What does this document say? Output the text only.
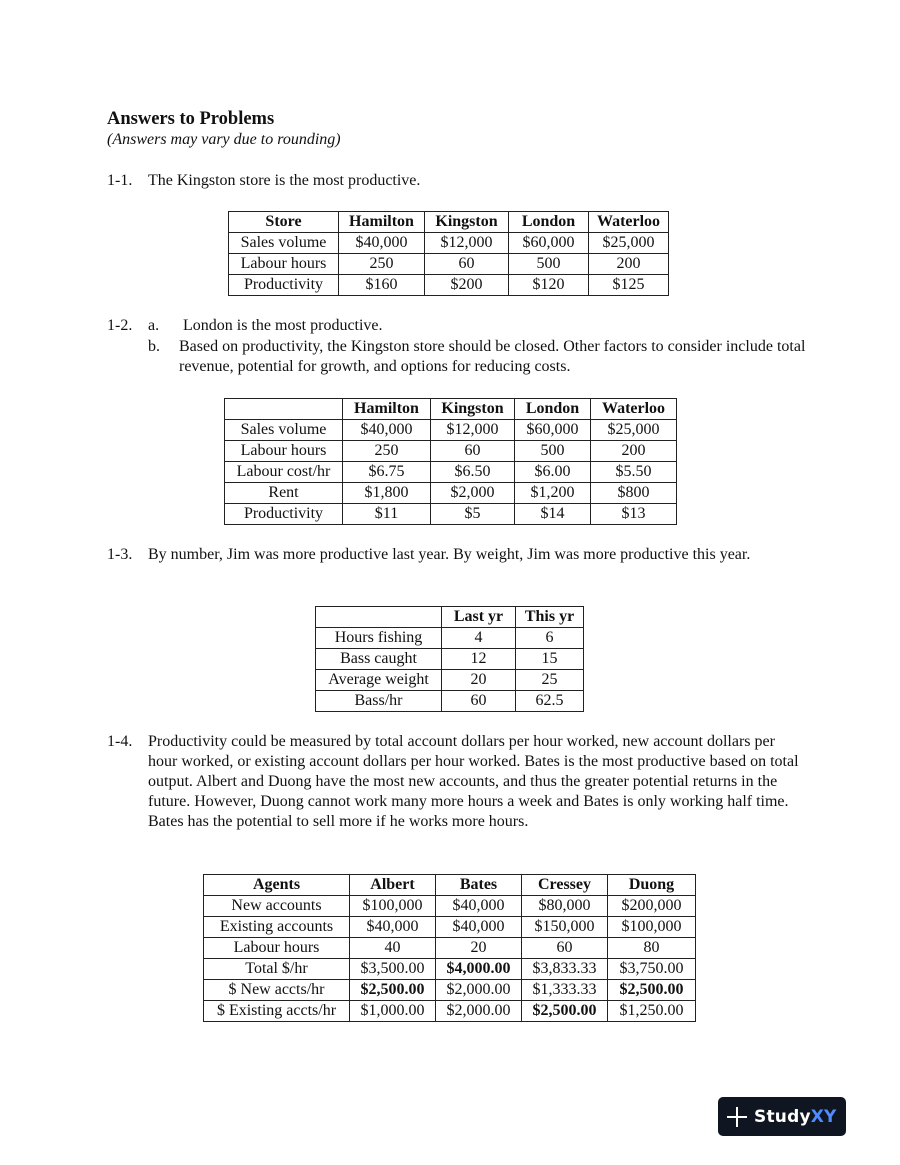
Answers to Problems
(Answers may vary due to rounding)
1-1. The Kingston store is the most productive.
Store	Hamilton	Kingston	London	Waterloo
Sales volume	$40,000	$12,000	$60,000	$25,000
Labour hours	250	60	500	200
Productivity	$160	$200	$120	$125
1-2. a. London is the most productive.
b. Based on productivity, the Kingston store should be closed. Other factors to consider include total revenue, potential for growth, and options for reducing costs.
	Hamilton	Kingston	London	Waterloo
Sales volume	$40,000	$12,000	$60,000	$25,000
Labour hours	250	60	500	200
Labour cost/hr	$6.75	$6.50	$6.00	$5.50
Rent	$1,800	$2,000	$1,200	$800
Productivity	$11	$5	$14	$13
1-3. By number, Jim was more productive last year. By weight, Jim was more productive this year.
	Last yr	This yr
Hours fishing	4	6
Bass caught	12	15
Average weight	20	25
Bass/hr	60	62.5
1-4. Productivity could be measured by total account dollars per hour worked, new account dollars per hour worked, or existing account dollars per hour worked. Bates is the most productive based on total output. Albert and Duong have the most new accounts, and thus the greater potential returns in the future. However, Duong cannot work many more hours a week and Bates is only working half time. Bates has the potential to sell more if he works more hours.
Agents	Albert	Bates	Cressey	Duong
New accounts	$100,000	$40,000	$80,000	$200,000
Existing accounts	$40,000	$40,000	$150,000	$100,000
Labour hours	40	20	60	80
Total $/hr	$3,500.00	$4,000.00	$3,833.33	$3,750.00
$ New accts/hr	$2,500.00	$2,000.00	$1,333.33	$2,500.00
$ Existing accts/hr	$1,000.00	$2,000.00	$2,500.00	$1,250.00
StudyXY
